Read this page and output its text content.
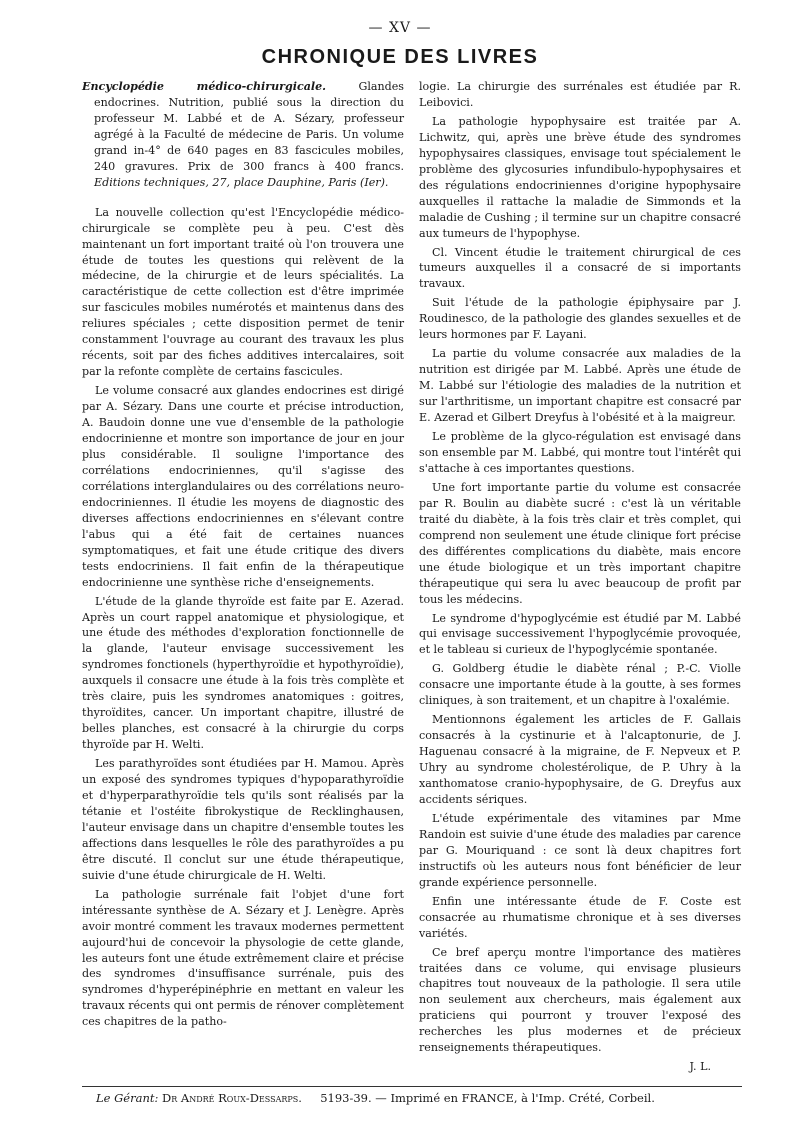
— XV —
CHRONIQUE DES LIVRES

Encyclopédie médico-chirurgicale.	Glandes endocrines. Nutrition, publié sous la direction du professeur M. Labbé et de A. Sézary, professeur agrégé à la Faculté de médecine de Paris. Un volume grand in-4° de 640 pages en 83 fascicules mobiles, 240 gravures. Prix de 300 francs à 400 francs. Editions techniques, 27, place Dauphine, Paris (Ier).

La nouvelle collection qu'est l'Encyclopédie médico-chirurgicale se complète peu à peu. C'est dès maintenant un fort important traité où l'on trouvera une étude de toutes les questions qui relèvent de la médecine, de la chirurgie et de leurs spécialités. La caractéristique de cette collection est d'être imprimée sur fascicules mobiles numérotés et maintenus dans des reliures spéciales ; cette disposition permet de tenir constamment l'ouvrage au courant des travaux les plus récents, soit par des fiches additives intercalaires, soit par la refonte complète de certains fascicules.

Le volume consacré aux glandes endocrines est dirigé par A. Sézary. Dans une courte et précise introduction, A. Baudoin donne une vue d'ensemble de la pathologie endocrinienne et montre son importance de jour en jour plus considérable. Il souligne l'importance des corrélations endocriniennes, qu'il s'agisse des corrélations interglandulaires ou des corrélations neuro-endocriniennes. Il étudie les moyens de diagnostic des diverses affections endocriniennes en s'élevant contre l'abus qui a été fait de certaines nuances symptomatiques, et fait une étude critique des divers tests endocriniens. Il fait enfin de la thérapeutique endocrinienne une synthèse riche d'enseignements.

L'étude de la glande thyroïde est faite par E. Azerad. Après un court rappel anatomique et physiologique, et une étude des méthodes d'exploration fonctionnelle de la glande, l'auteur envisage successivement les syndromes fonctionels (hyperthyroïdie et hypothyroïdie), auxquels il consacre une étude à la fois très complète et très claire, puis les syndromes anatomiques : goitres, thyroïdites, cancer. Un important chapitre, illustré de belles planches, est consacré à la chirurgie du corps thyroïde par H. Welti.

Les parathyroïdes sont étudiées par H. Mamou. Après un exposé des syndromes typiques d'hypoparathyroïdie et d'hyperparathyroïdie tels qu'ils sont réalisés par la tétanie et l'ostéite fibrokystique de Recklinghausen, l'auteur envisage dans un chapitre d'ensemble toutes les affections dans lesquelles le rôle des parathyroïdes a pu être discuté. Il conclut sur une étude thérapeutique, suivie d'une étude chirurgicale de H. Welti.

La pathologie surrénale fait l'objet d'une fort intéressante synthèse de A. Sézary et J. Lenègre. Après avoir montré comment les travaux modernes permettent aujourd'hui de concevoir la physologie de cette glande, les auteurs font une étude extrêmement claire et précise des syndromes d'insuffisance surrénale, puis des syndromes d'hyperépinéphrie en mettant en valeur les travaux récents qui ont permis de rénover complètement ces chapitres de la patho-

logie. La chirurgie des surrénales est étudiée par R. Leibovici.

La pathologie hypophysaire est traitée par A. Lichwitz, qui, après une brève étude des syndromes hypophysaires classiques, envisage tout spécialement le problème des glycosuries infundibulo-hypophysaires et des régulations endocriniennes d'origine hypophysaire auxquelles il rattache la maladie de Simmonds et la maladie de Cushing ; il termine sur un chapitre consacré aux tumeurs de l'hypophyse.

Cl. Vincent étudie le traitement chirurgical de ces tumeurs auxquelles il a consacré de si importants travaux.

Suit l'étude de la pathologie épiphysaire par J. Roudinesco, de la pathologie des glandes sexuelles et de leurs hormones par F. Layani.

La partie du volume consacrée aux maladies de la nutrition est dirigée par M. Labbé. Après une étude de M. Labbé sur l'étiologie des maladies de la nutrition et sur l'arthritisme, un important chapitre est consacré par E. Azerad et Gilbert Dreyfus à l'obésité et à la maigreur.

Le problème de la glyco-régulation est envisagé dans son ensemble par M. Labbé, qui montre tout l'intérêt qui s'attache à ces importantes questions.

Une fort importante partie du volume est consacrée par R. Boulin au diabète sucré : c'est là un véritable traité du diabète, à la fois très clair et très complet, qui comprend non seulement une étude clinique fort précise des différentes complications du diabète, mais encore une étude biologique et un très important chapitre thérapeutique qui sera lu avec beaucoup de profit par tous les médecins.

Le syndrome d'hypoglycémie est étudié par M. Labbé qui envisage successivement l'hypoglycémie provoquée, et le tableau si curieux de l'hypoglycémie spontanée.

G. Goldberg étudie le diabète rénal ; P.-C. Violle consacre une importante étude à la goutte, à ses formes cliniques, à son traitement, et un chapitre à l'oxalémie.

Mentionnons également les articles de F. Gallais consacrés à la cystinurie et à l'alcaptonurie, de J. Haguenau consacré à la migraine, de F. Nepveux et P. Uhry au syndrome cholestérolique, de P. Uhry à la xanthomatose cranio-hypophysaire, de G. Dreyfus aux accidents sériques.

L'étude expérimentale des vitamines par Mme Randoin est suivie d'une étude des maladies par carence par G. Mouriquand : ce sont là deux chapitres fort instructifs où les auteurs nous font bénéficier de leur grande expérience personnelle.

Enfin une intéressante étude de F. Coste est consacrée au rhumatisme chronique et à ses diverses variétés.

Ce bref aperçu montre l'importance des matières traitées dans ce volume, qui envisage plusieurs chapitres tout nouveaux de la pathologie. Il sera utile non seulement aux chercheurs, mais également aux praticiens qui pourront y trouver l'exposé des recherches les plus modernes et de précieux renseignements thérapeutiques.

J. L.

Le Gérant: Dr André Roux-Dessarps. 5193-39. — Imprimé en FRANCE, à l'Imp. Crété, Corbeil.
